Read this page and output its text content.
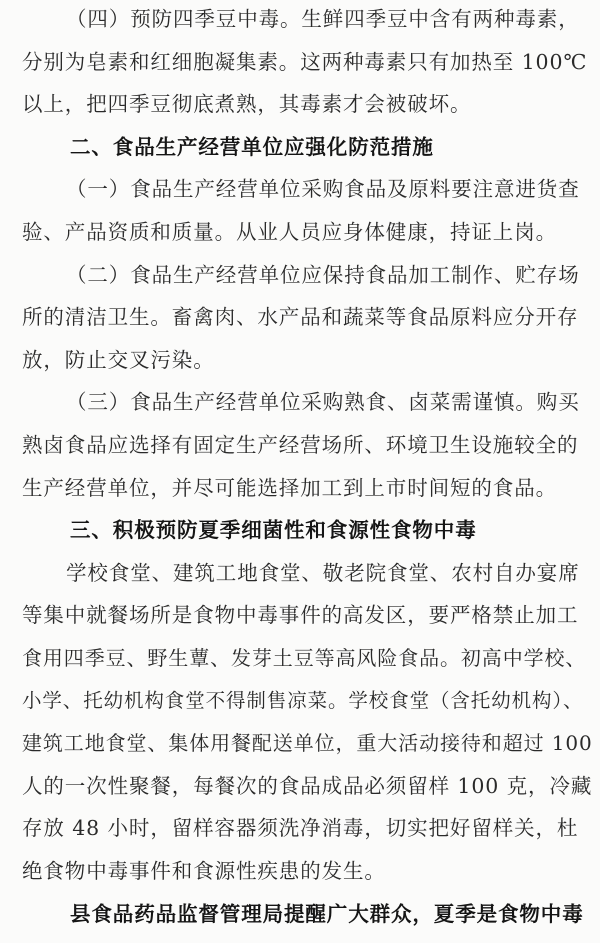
（四）预防四季豆中毒。生鲜四季豆中含有两种毒素，
分别为皂素和红细胞凝集素。这两种毒素只有加热至 100℃
以上，把四季豆彻底煮熟，其毒素才会被破坏。
二、食品生产经营单位应强化防范措施
（一）食品生产经营单位采购食品及原料要注意进货查
验、产品资质和质量。从业人员应身体健康，持证上岗。
（二）食品生产经营单位应保持食品加工制作、贮存场
所的清洁卫生。畜禽肉、水产品和蔬菜等食品原料应分开存
放，防止交叉污染。
（三）食品生产经营单位采购熟食、卤菜需谨慎。购买
熟卤食品应选择有固定生产经营场所、环境卫生设施较全的
生产经营单位，并尽可能选择加工到上市时间短的食品。
三、积极预防夏季细菌性和食源性食物中毒
学校食堂、建筑工地食堂、敬老院食堂、农村自办宴席
等集中就餐场所是食物中毒事件的高发区，要严格禁止加工
食用四季豆、野生蕈、发芽土豆等高风险食品。初高中学校、
小学、托幼机构食堂不得制售凉菜。学校食堂（含托幼机构）、
建筑工地食堂、集体用餐配送单位，重大活动接待和超过 100
人的一次性聚餐，每餐次的食品成品必须留样 100 克，冷藏
存放 48 小时，留样容器须洗净消毒，切实把好留样关，杜
绝食物中毒事件和食源性疾患的发生。
县食品药品监督管理局提醒广大群众，夏季是食物中毒
